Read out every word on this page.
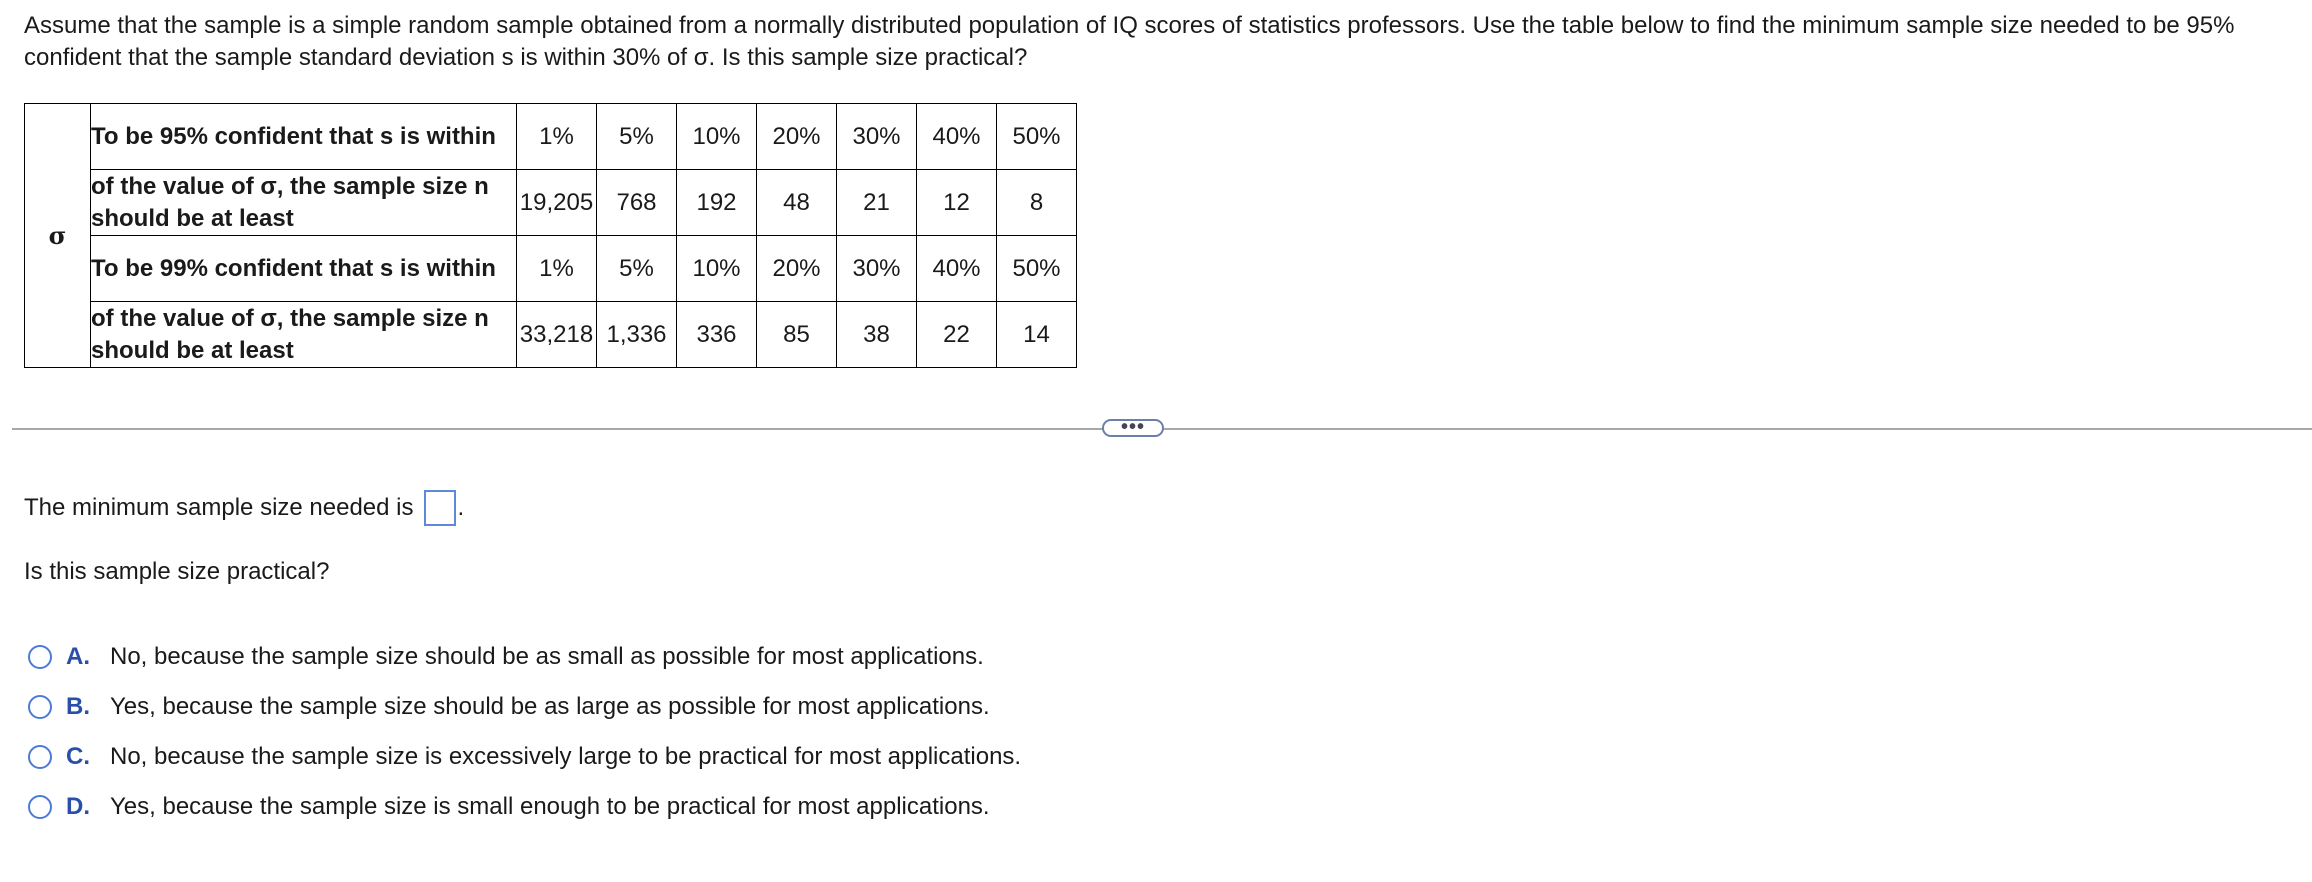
Assume that the sample is a simple random sample obtained from a normally distributed population of IQ scores of statistics professors. Use the table below to find the minimum sample size needed to be 95% confident that the sample standard deviation s is within 30% of σ. Is this sample size practical?

σ	To be 95% confident that s is within	1%	5%	10%	20%	30%	40%	50%
	of the value of σ, the sample size n should be at least	19,205	768	192	48	21	12	8
	To be 99% confident that s is within	1%	5%	10%	20%	30%	40%	50%
	of the value of σ, the sample size n should be at least	33,218	1,336	336	85	38	22	14
•••
The minimum sample size needed is .
Is this sample size practical?
A. No, because the sample size should be as small as possible for most applications.
B. Yes, because the sample size should be as large as possible for most applications.
C. No, because the sample size is excessively large to be practical for most applications.
D. Yes, because the sample size is small enough to be practical for most applications.
